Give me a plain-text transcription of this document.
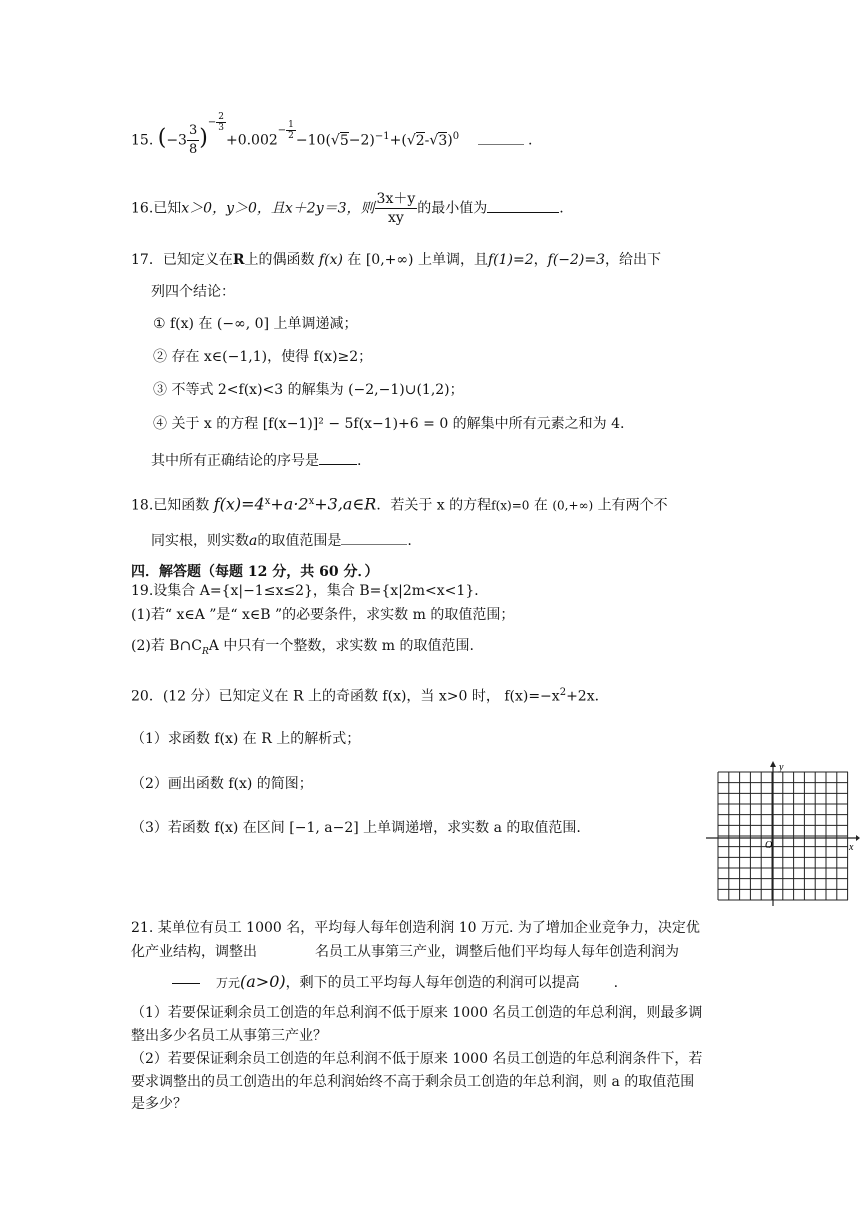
15. $(-3 \frac{3}{8} )^{- \frac{2}{3}}$
$+0.002^{- \frac{1}{2}} -10(√5-2)^{-1}+(√2-√3)^0$	.
16.已知x＞0，y＞0，且x＋2y＝3，则 $\frac{3x+y}{xy}$ 的最小值为	.
17．已知定义在R上的偶函数 f(x) 在 [0,+∞) 上单调，且f(1)=2，f(−2)=3，给出下
列四个结论：
① f(x) 在 (−∞, 0] 上单调递减；
② 存在 x∈(−1,1)，使得 f(x)≥2；
③ 不等式 2<f(x)<3 的解集为 (−2,−1)∪(1,2)；
④ 关于 x 的方程 [f(x−1)]² − 5f(x−1)+6 = 0 的解集中所有元素之和为 4.
其中所有正确结论的序号是	.
18.已知函数 $f(x)=4^x+a\cdot 2^x+3,a\in R$．若关于 x 的方程f(x)=0 在 (0,+∞) 上有两个不
同实根，则实数a的取值范围是	.
四．解答题（每题 12 分，共 60 分．）
19.设集合 A={x|−1≤x≤2}，集合 B={x|2m<x<1}．
(1)若“ x∈A ”是“ x∈B ”的必要条件，求实数 m 的取值范围；
(2)若 $B\cap C_RA$ 中只有一个整数，求实数 m 的取值范围.
20．(12 分）已知定义在 R 上的奇函数 f(x)，当 x>0 时， $f(x)=-x^2+2x$．
（1）求函数 f(x) 在 R 上的解析式；
（2）画出函数 f(x) 的简图；
（3）若函数 f(x) 在区间 [−1, a−2] 上单调递增，求实数 a 的取值范围.
y
x
O
21. 某单位有员工 1000 名，平均每人每年创造利润 10 万元. 为了增加企业竞争力，决定优
化产业结构，调整出	名员工从事第三产业，调整后他们平均每人每年创造利润为
万元(a>0)，剩下的员工平均每人每年创造的利润可以提高 .
（1）若要保证剩余员工创造的年总利润不低于原来 1000 名员工创造的年总利润，则最多调
整出多少名员工从事第三产业？
（2）若要保证剩余员工创造的年总利润不低于原来 1000 名员工创造的年总利润条件下，若
要求调整出的员工创造出的年总利润始终不高于剩余员工创造的年总利润，则 a 的取值范围
是多少？
